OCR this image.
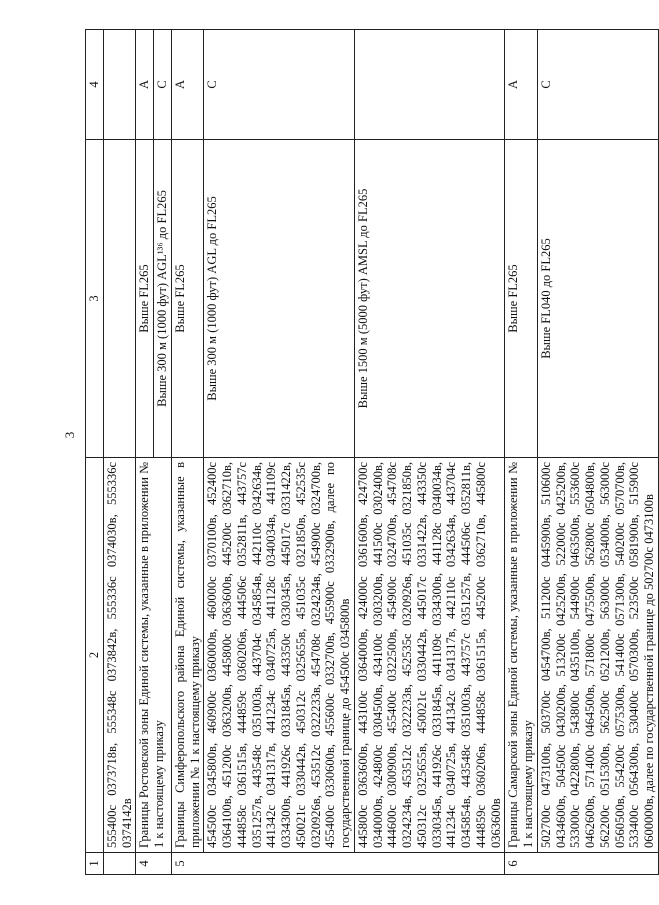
3
1	2	3	4
	555400с 0373718в, 555348с 0373842в, 555336с 0374030в, 555336с 0374142в		
4	Границы Ростовской зоны Единой системы, указанные в приложении № 1 к настоящему приказу	Выше FL265	A
		Выше 300 м (1000 фут) AGL¹³⁶ до FL265	C
5	Границы Симферопольского района Единой системы, указанные в приложении № 1 к настоящему приказу	Выше FL265	A
	454500с 0345800в, 460900с 0360000в, 460000с 0370100в, 452400с 0364100в, 451200с 0363200в, 445800с 0363600в, 445200с 0362710в, 444858с 0361515в, 444859с 0360206в, 444506с 0352811в, 443757с 0351257в, 443548с 0351003в, 443704с 0345854в, 442110с 0342634в, 441342с 0341317в, 441234с 0340725в, 441128с 0340034в, 441109с 0334300в, 441926с 0331845в, 443350с 0330345в, 445017с 0331422в, 450021с 0330442в, 450312с 0325655в, 451035с 0321850в, 452535с 0320926в, 453512с 0322233в, 454708с 0324234в, 454900с 0324700в, 455400с 0330600в, 455600с 0332700в, 455900с 0332900в, далее по государственной границе до 454500с 0345800в	Выше 300 м (1000 фут) AGL до FL265	C
	445800с 0363600в, 443100с 0364000в, 424000с 0361600в, 424700с 0340000в, 424800с 0304500в, 434100с 0303200в, 441500с 0302400в, 444600с 0300900в, 455400с 0322500в, 454900с 0324700в, 454708с 0324234в, 453512с 0322233в, 452535с 0320926в, 451035с 0321850в, 450312с 0325655в, 450021с 0330442в, 445017с 0331422в, 443350с 0330345в, 441926с 0331845в, 441109с 0334300в, 441128с 0340034в, 441234с 0340725в, 441342с 0341317в, 442110с 0342634в, 443704с 0345854в, 443548с 0351003в, 443757с 0351257в, 444506с 0352811в, 444859с 0360206в, 444858с 0361515в, 445200с 0362710в, 445800с 0363600в	Выше 1500 м (5000 фут) AMSL до FL265	
6	Границы Самарской зоны Единой системы, указанные в приложении № 1 к настоящему приказу	Выше FL265	A
	502700с 0473100в, 503700с 0454700в, 511200с 0445900в, 510600с 0434600в, 504500с 0430200в, 513200с 0425200в, 522000с 0425200в, 533000с 0422800в, 543800с 0435100в, 544900с 0463500в, 553600с 0462600в, 571400с 0464500в, 571800с 0475500в, 562800с 0504800в, 562200с 0515300в, 562500с 0521200в, 563000с 0534000в, 563000с 0560500в, 554200с 0575300в, 541400с 0571300в, 540200с 0570700в, 533400с 0564300в, 530400с 0570300в, 523500с 0581900в, 515900с 0600000в, далее по государственной границе до 502700с 0473100в	Выше FL040 до FL265	C
